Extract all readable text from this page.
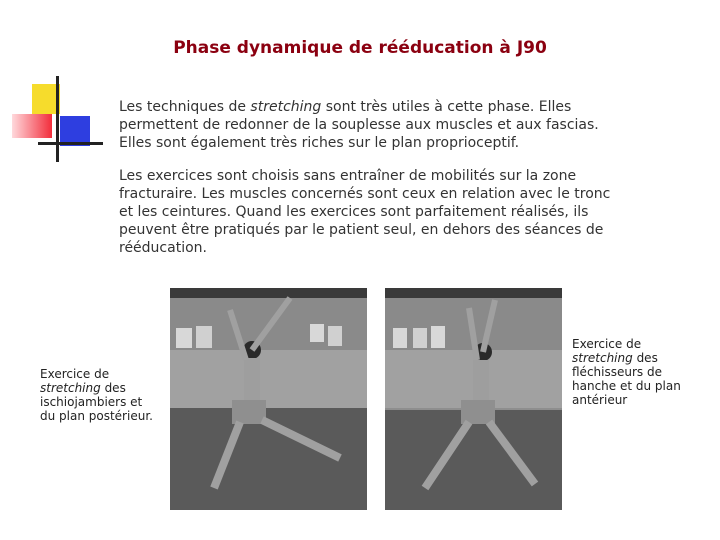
Phase dynamique de rééducation à J90

Les techniques de stretching sont très utiles à cette phase. Elles permettent de redonner de la souplesse aux muscles et aux fascias. Elles sont également très riches sur le plan proprioceptif.

Les exercices sont choisis sans entraîner de mobilités sur la zone fracturaire. Les muscles concernés sont ceux en relation avec le tronc et les ceintures. Quand les exercices sont parfaitement réalisés, ils peuvent être pratiqués par le patient seul, en dehors des séances de rééducation.

Exercice de stretching des ischiojambiers et du plan postérieur.
Exercice de stretching des fléchisseurs de hanche et du plan antérieur
